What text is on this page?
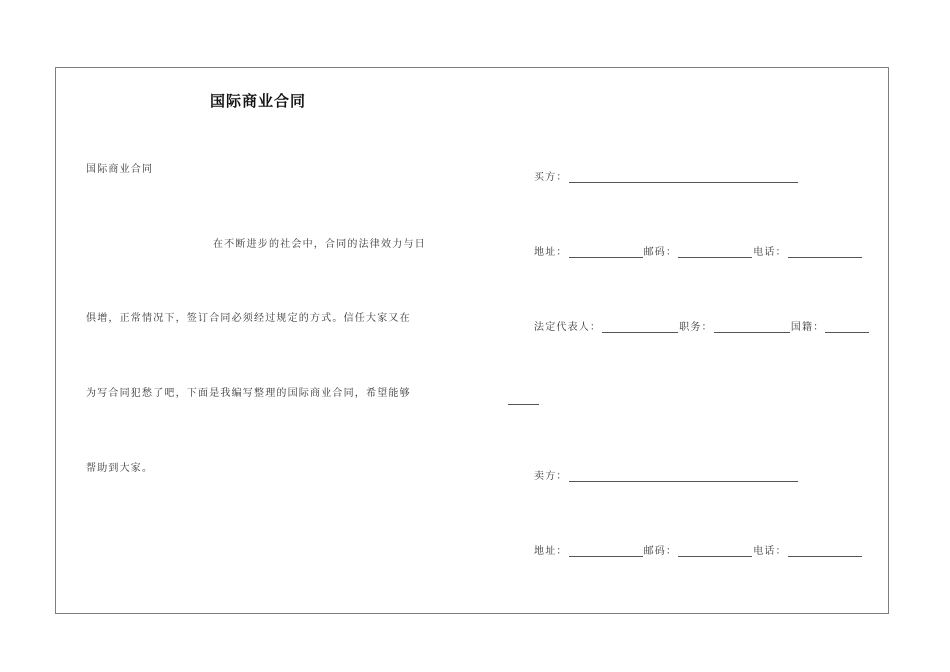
国际商业合同
国际商业合同
在不断进步的社会中，合同的法律效力与日
俱增，正常情况下，签订合同必须经过规定的方式。信任大家又在
为写合同犯愁了吧，下面是我编写整理的国际商业合同，希望能够
帮助到大家。
买方：
地址：	邮码：	电话：
法定代表人：	职务：	国籍：
卖方：
地址：	邮码：	电话：
